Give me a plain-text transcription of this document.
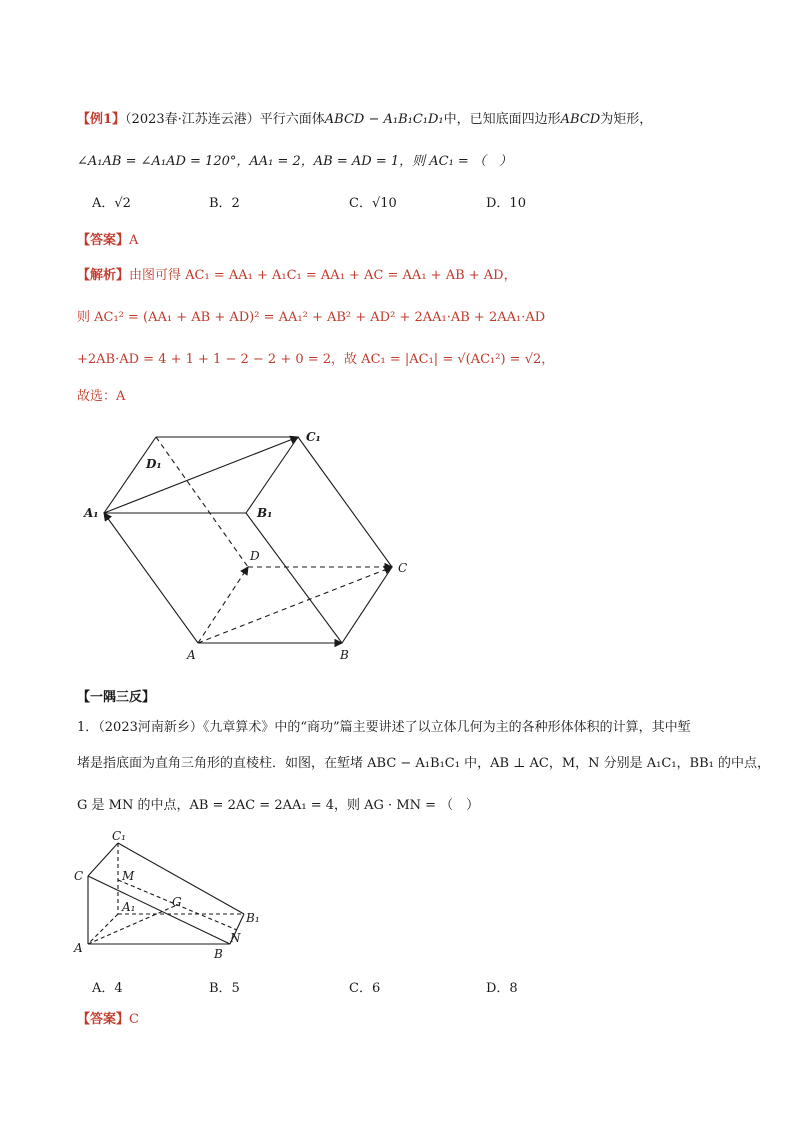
【例1】（2023春·江苏连云港）平行六面体ABCD − A₁B₁C₁D₁中，已知底面四边形ABCD为矩形，
∠A₁AB = ∠A₁AD = 120°，AA₁ = 2，AB = AD = 1，则 AC₁ = （　）
A．√2	B．2	C．√10	D．10
【答案】A
【解析】由图可得 AC₁ = AA₁ + A₁C₁ = AA₁ + AC = AA₁ + AB + AD，
则 AC₁² = (AA₁ + AB + AD)² = AA₁² + AB² + AD² + 2AA₁·AB + 2AA₁·AD
+2AB·AD = 4 + 1 + 1 − 2 − 2 + 0 = 2，故 AC₁ = |AC₁| = √(AC₁²) = √2，
故选：A
C₁
D₁
A₁	B₁
D
C
A	B
【一隅三反】
1．（2023河南新乡）《九章算术》中的“商功”篇主要讲述了以立体几何为主的各种形体体积的计算，其中堑
堵是指底面为直角三角形的直棱柱．如图，在堑堵 ABC − A₁B₁C₁ 中，AB ⊥ AC，M，N 分别是 A₁C₁，BB₁ 的中点，
G 是 MN 的中点，AB = 2AC = 2AA₁ = 4，则 AG · MN = （　）
C₁
C	M
A₁	G
B₁
N
A	B
A．4	B．5	C．6	D．8
【答案】C
